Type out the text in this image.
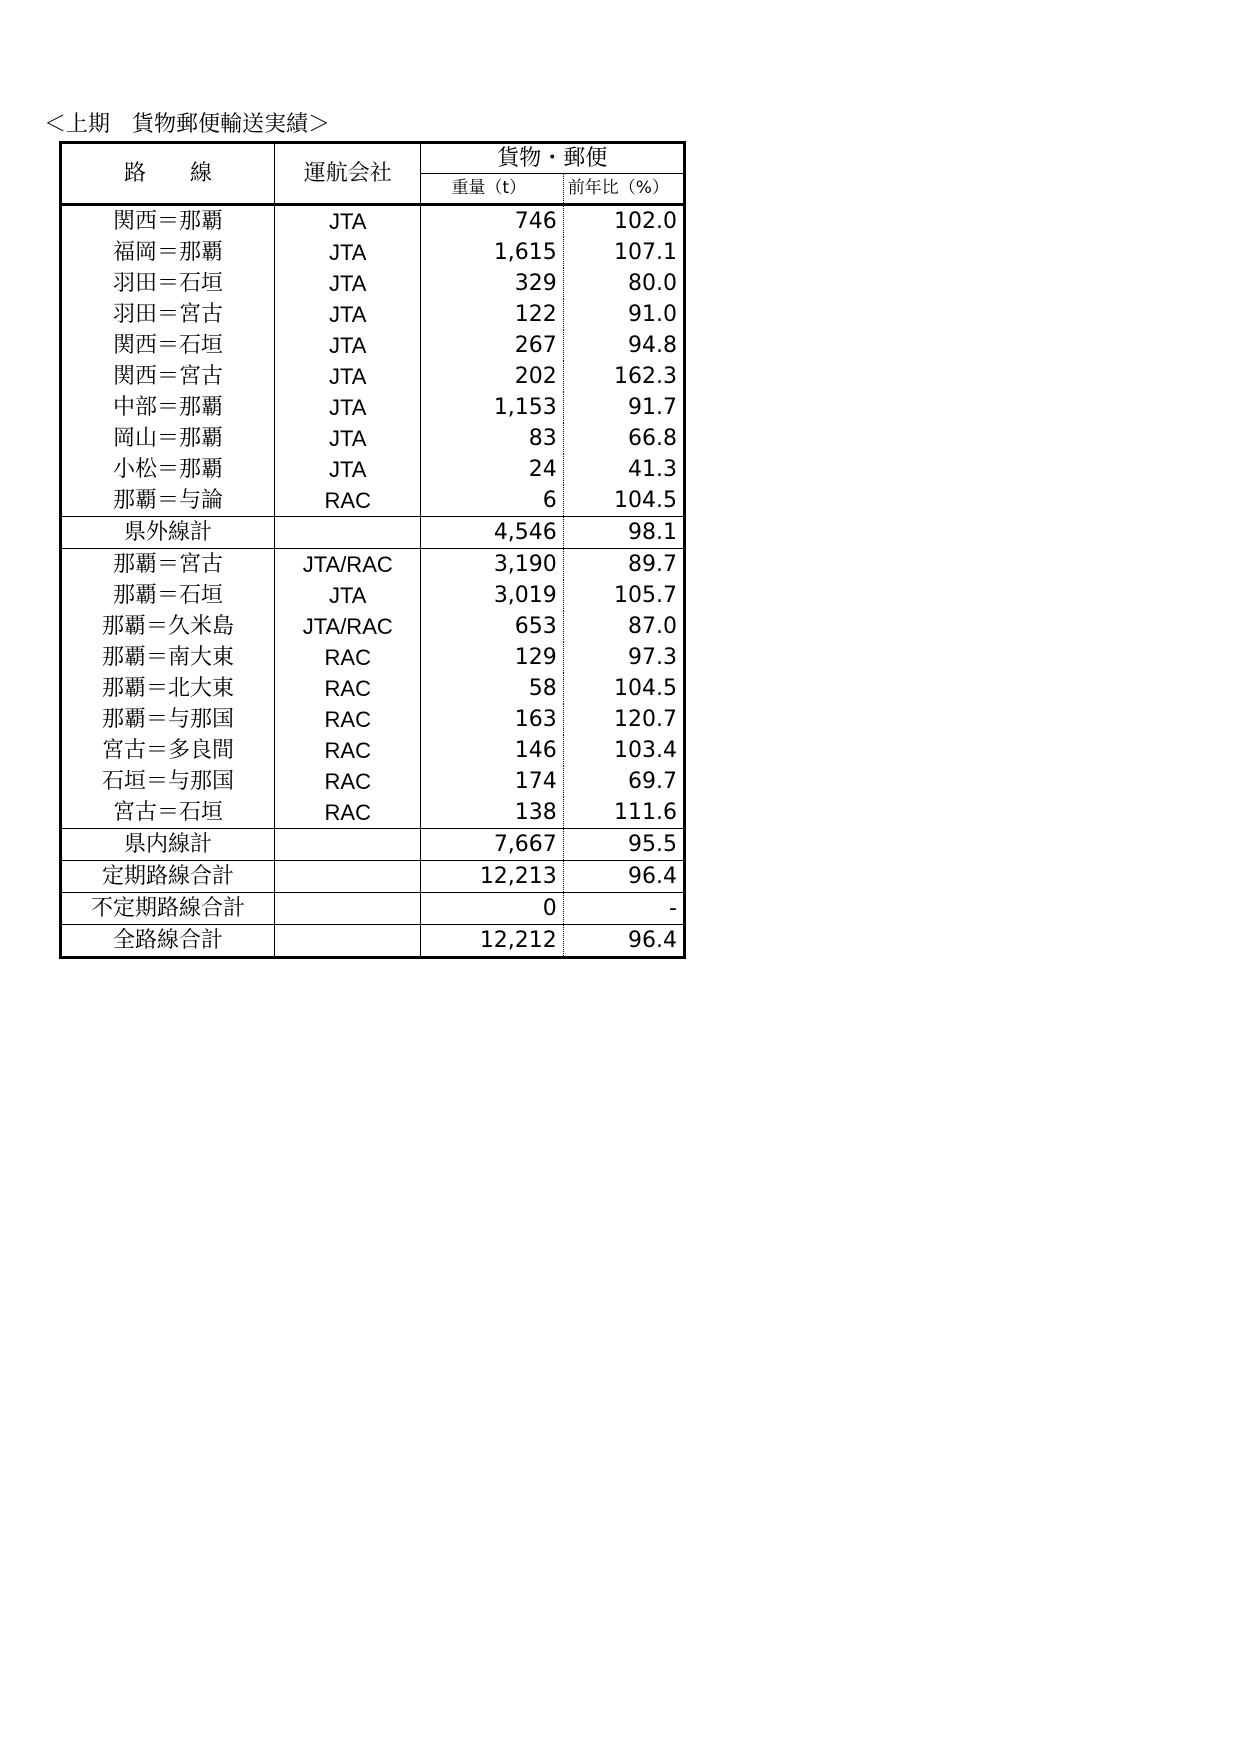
＜上期　貨物郵便輸送実績＞
路　　線	運航会社	貨物・郵便	
		重量（t）	前年比（%）
関西＝那覇	JTA	746	102.0
福岡＝那覇	JTA	1,615	107.1
羽田＝石垣	JTA	329	80.0
羽田＝宮古	JTA	122	91.0
関西＝石垣	JTA	267	94.8
関西＝宮古	JTA	202	162.3
中部＝那覇	JTA	1,153	91.7
岡山＝那覇	JTA	83	66.8
小松＝那覇	JTA	24	41.3
那覇＝与論	RAC	6	104.5
県外線計		4,546	98.1
那覇＝宮古	JTA/RAC	3,190	89.7
那覇＝石垣	JTA	3,019	105.7
那覇＝久米島	JTA/RAC	653	87.0
那覇＝南大東	RAC	129	97.3
那覇＝北大東	RAC	58	104.5
那覇＝与那国	RAC	163	120.7
宮古＝多良間	RAC	146	103.4
石垣＝与那国	RAC	174	69.7
宮古＝石垣	RAC	138	111.6
県内線計		7,667	95.5
定期路線合計		12,213	96.4
不定期路線合計		0	-
全路線合計		12,212	96.4
